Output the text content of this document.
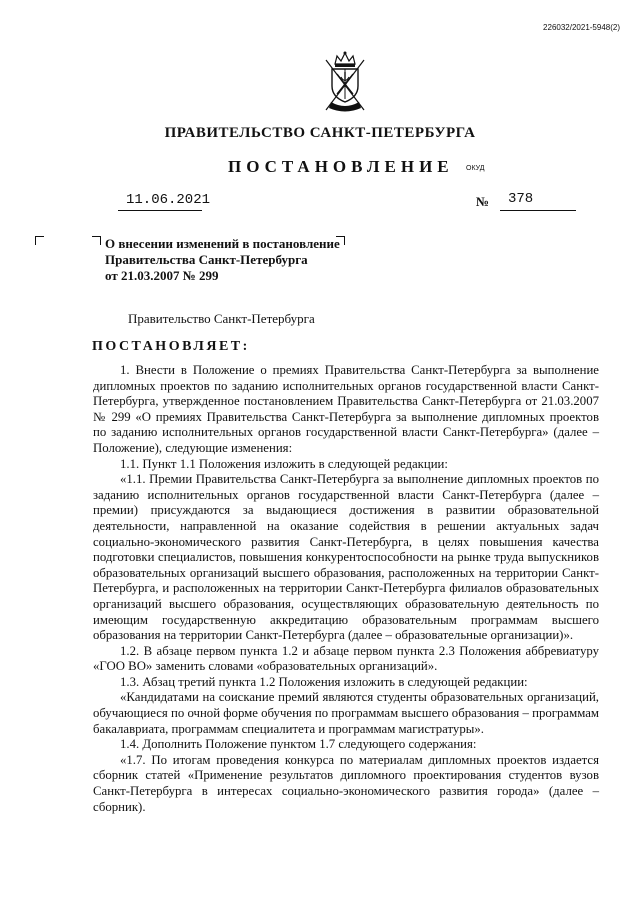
226032/2021-5948(2)
ПРАВИТЕЛЬСТВО САНКТ-ПЕТЕРБУРГА
ПОСТАНОВЛЕНИЕ ОКУД
11.06.2021	№ 378
О внесении изменений в постановление
Правительства Санкт-Петербурга
от 21.03.2007 № 299
Правительство Санкт-Петербурга
ПОСТАНОВЛЯЕТ:

1. Внести в Положение о премиях Правительства Санкт-Петербурга за выполнение дипломных проектов по заданию исполнительных органов государственной власти Санкт-Петербурга, утвержденное постановлением Правительства Санкт-Петербурга от 21.03.2007 № 299 «О премиях Правительства Санкт-Петербурга за выполнение дипломных проектов по заданию исполнительных органов государственной власти Санкт-Петербурга» (далее – Положение), следующие изменения:

1.1. Пункт 1.1 Положения изложить в следующей редакции:

«1.1. Премии Правительства Санкт-Петербурга за выполнение дипломных проектов по заданию исполнительных органов государственной власти Санкт-Петербурга (далее – премии) присуждаются за выдающиеся достижения в развитии образовательной деятельности, направленной на оказание содействия в решении актуальных задач социально-экономического развития Санкт-Петербурга, в целях повышения качества подготовки специалистов, повышения конкурентоспособности на рынке труда выпускников образовательных организаций высшего образования, расположенных на территории Санкт-Петербурга, и расположенных на территории Санкт-Петербурга филиалов образовательных организаций высшего образования, осуществляющих образовательную деятельность по имеющим государственную аккредитацию образовательным программам высшего образования на территории Санкт-Петербурга (далее – образовательные организации)».

1.2. В абзаце первом пункта 1.2 и абзаце первом пункта 2.3 Положения аббревиатуру «ГОО ВО» заменить словами «образовательных организаций».

1.3. Абзац третий пункта 1.2 Положения изложить в следующей редакции:

«Кандидатами на соискание премий являются студенты образовательных организаций, обучающиеся по очной форме обучения по программам высшего образования – программам бакалавриата, программам специалитета и программам магистратуры».

1.4. Дополнить Положение пунктом 1.7 следующего содержания:

«1.7. По итогам проведения конкурса по материалам дипломных проектов издается сборник статей «Применение результатов дипломного проектирования студентов вузов Санкт-Петербурга в интересах социально-экономического развития города» (далее – сборник).
